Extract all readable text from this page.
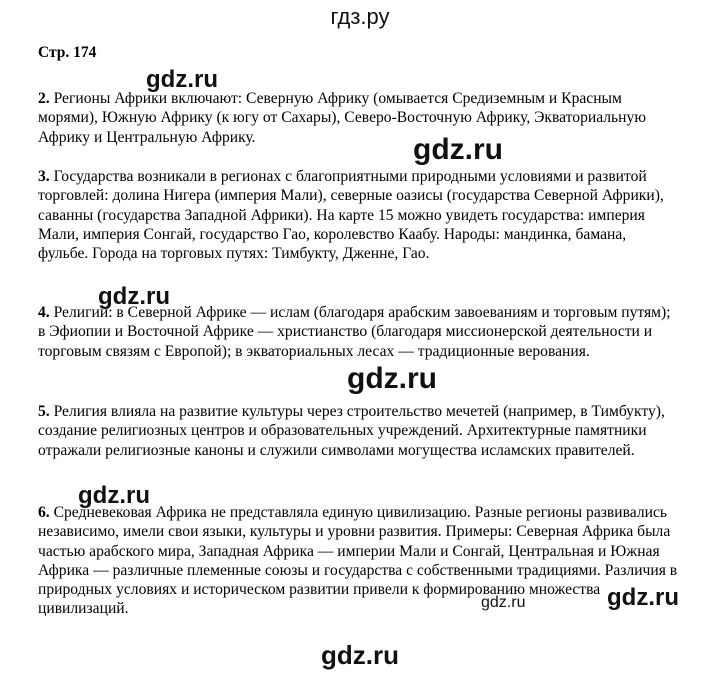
гдз.ру
Стр. 174

2. Регионы Африки включают: Северную Африку (омывается Средиземным и Красным морями), Южную Африку (к югу от Сахары), Северо-Восточную Африку, Экваториальную Африку и Центральную Африку.

3. Государства возникали в регионах с благоприятными природными условиями и развитой торговлей: долина Нигера (империя Мали), северные оазисы (государства Северной Африки), саванны (государства Западной Африки). На карте 15 можно увидеть государства: империя Мали, империя Сонгай, государство Гао, королевство Каабу. Народы: мандинка, бамана, фульбе. Города на торговых путях: Тимбукту, Дженне, Гао.

4. Религии: в Северной Африке — ислам (благодаря арабским завоеваниям и торговым путям); в Эфиопии и Восточной Африке — христианство (благодаря миссионерской деятельности и торговым связям с Европой); в экваториальных лесах — традиционные верования.

5. Религия влияла на развитие культуры через строительство мечетей (например, в Тимбукту), создание религиозных центров и образовательных учреждений. Архитектурные памятники отражали религиозные каноны и служили символами могущества исламских правителей.

6. Средневековая Африка не представляла единую цивилизацию. Разные регионы развивались независимо, имели свои языки, культуры и уровни развития. Примеры: Северная Африка была частью арабского мира, Западная Африка — империи Мали и Сонгай, Центральная и Южная Африка — различные племенные союзы и государства с собственными традициями. Различия в природных условиях и историческом развитии привели к формированию множества цивилизаций.

gdz.ru
gdz.ru
gdz.ru
gdz.ru
gdz.ru
gdz.ru	gdz.ru
gdz.ru
